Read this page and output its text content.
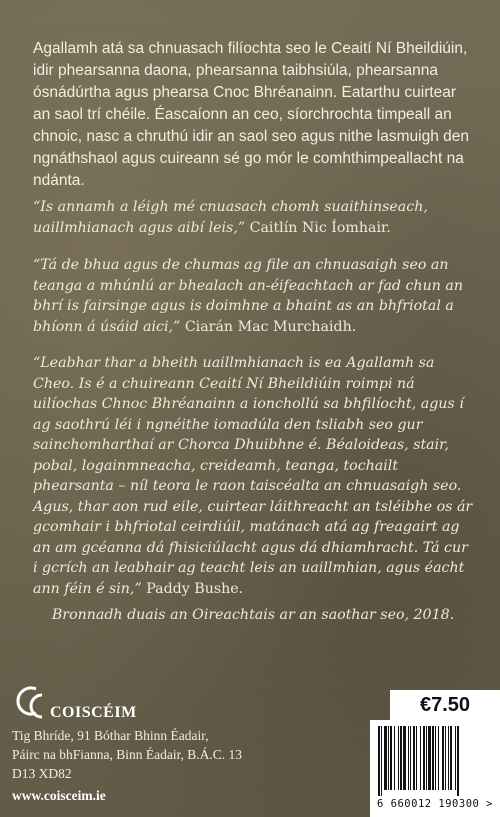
Agallamh atá sa chnuasach filíochta seo le Ceaití Ní Bheildiúin, idir phearsanna daona, phearsanna taibhsiúla, phearsanna ósnádúrtha agus phearsa Cnoc Bhréanainn. Eatarthu cuirtear an saol trí chéile. Éascaíonn an ceo, síorchrochta timpeall an chnoic, nasc a chruthú idir an saol seo agus nithe lasmuigh den ngnáthshaol agus cuireann sé go mór le comhthimpeallacht na ndánta.

“Is annamh a léigh mé cnuasach chomh suaithinseach, uaillmhianach agus aibí leis,” Caitlín Nic Íomhair.

“Tá de bhua agus de chumas ag file an chnuasaigh seo an teanga a mhúnlú ar bhealach an-éifeachtach ar fad chun an bhrí is fairsinge agus is doimhne a bhaint as an bhfriotal a bhíonn á úsáid aici,” Ciarán Mac Murchaidh.

“Leabhar thar a bheith uaillmhianach is ea Agallamh sa Cheo. Is é a chuireann Ceaití Ní Bheildiúin roimpi ná uilíochas Chnoc Bhréanainn a ionchollú sa bhfilíocht, agus í ag saothrú léi i ngnéithe iomadúla den tsliabh seo gur sainchomharthaí ar Chorca Dhuibhne é. Béaloideas, stair, pobal, logainmneacha, creideamh, teanga, tochailt phearsanta – níl teora le raon taiscéalta an chnuasaigh seo. Agus, thar aon rud eile, cuirtear láithreacht an tsléibhe os ár gcomhair i bhfriotal ceirdiúil, matánach atá ag freagairt ag an am gcéanna dá fhisiciúlacht agus dá dhiamhracht. Tá cur i gcrích an leabhair ag teacht leis an uaillmhian, agus éacht ann féin é sin,” Paddy Bushe.

Bronnadh duais an Oireachtais ar an saothar seo, 2018.

COISCÉIM
Tig Bhríde, 91 Bóthar Bhinn Éadair,
Páirc na bhFianna, Binn Éadair, B.Á.C. 13
D13 XD82
www.coisceim.ie
€7.50
6 660012 190300 >
